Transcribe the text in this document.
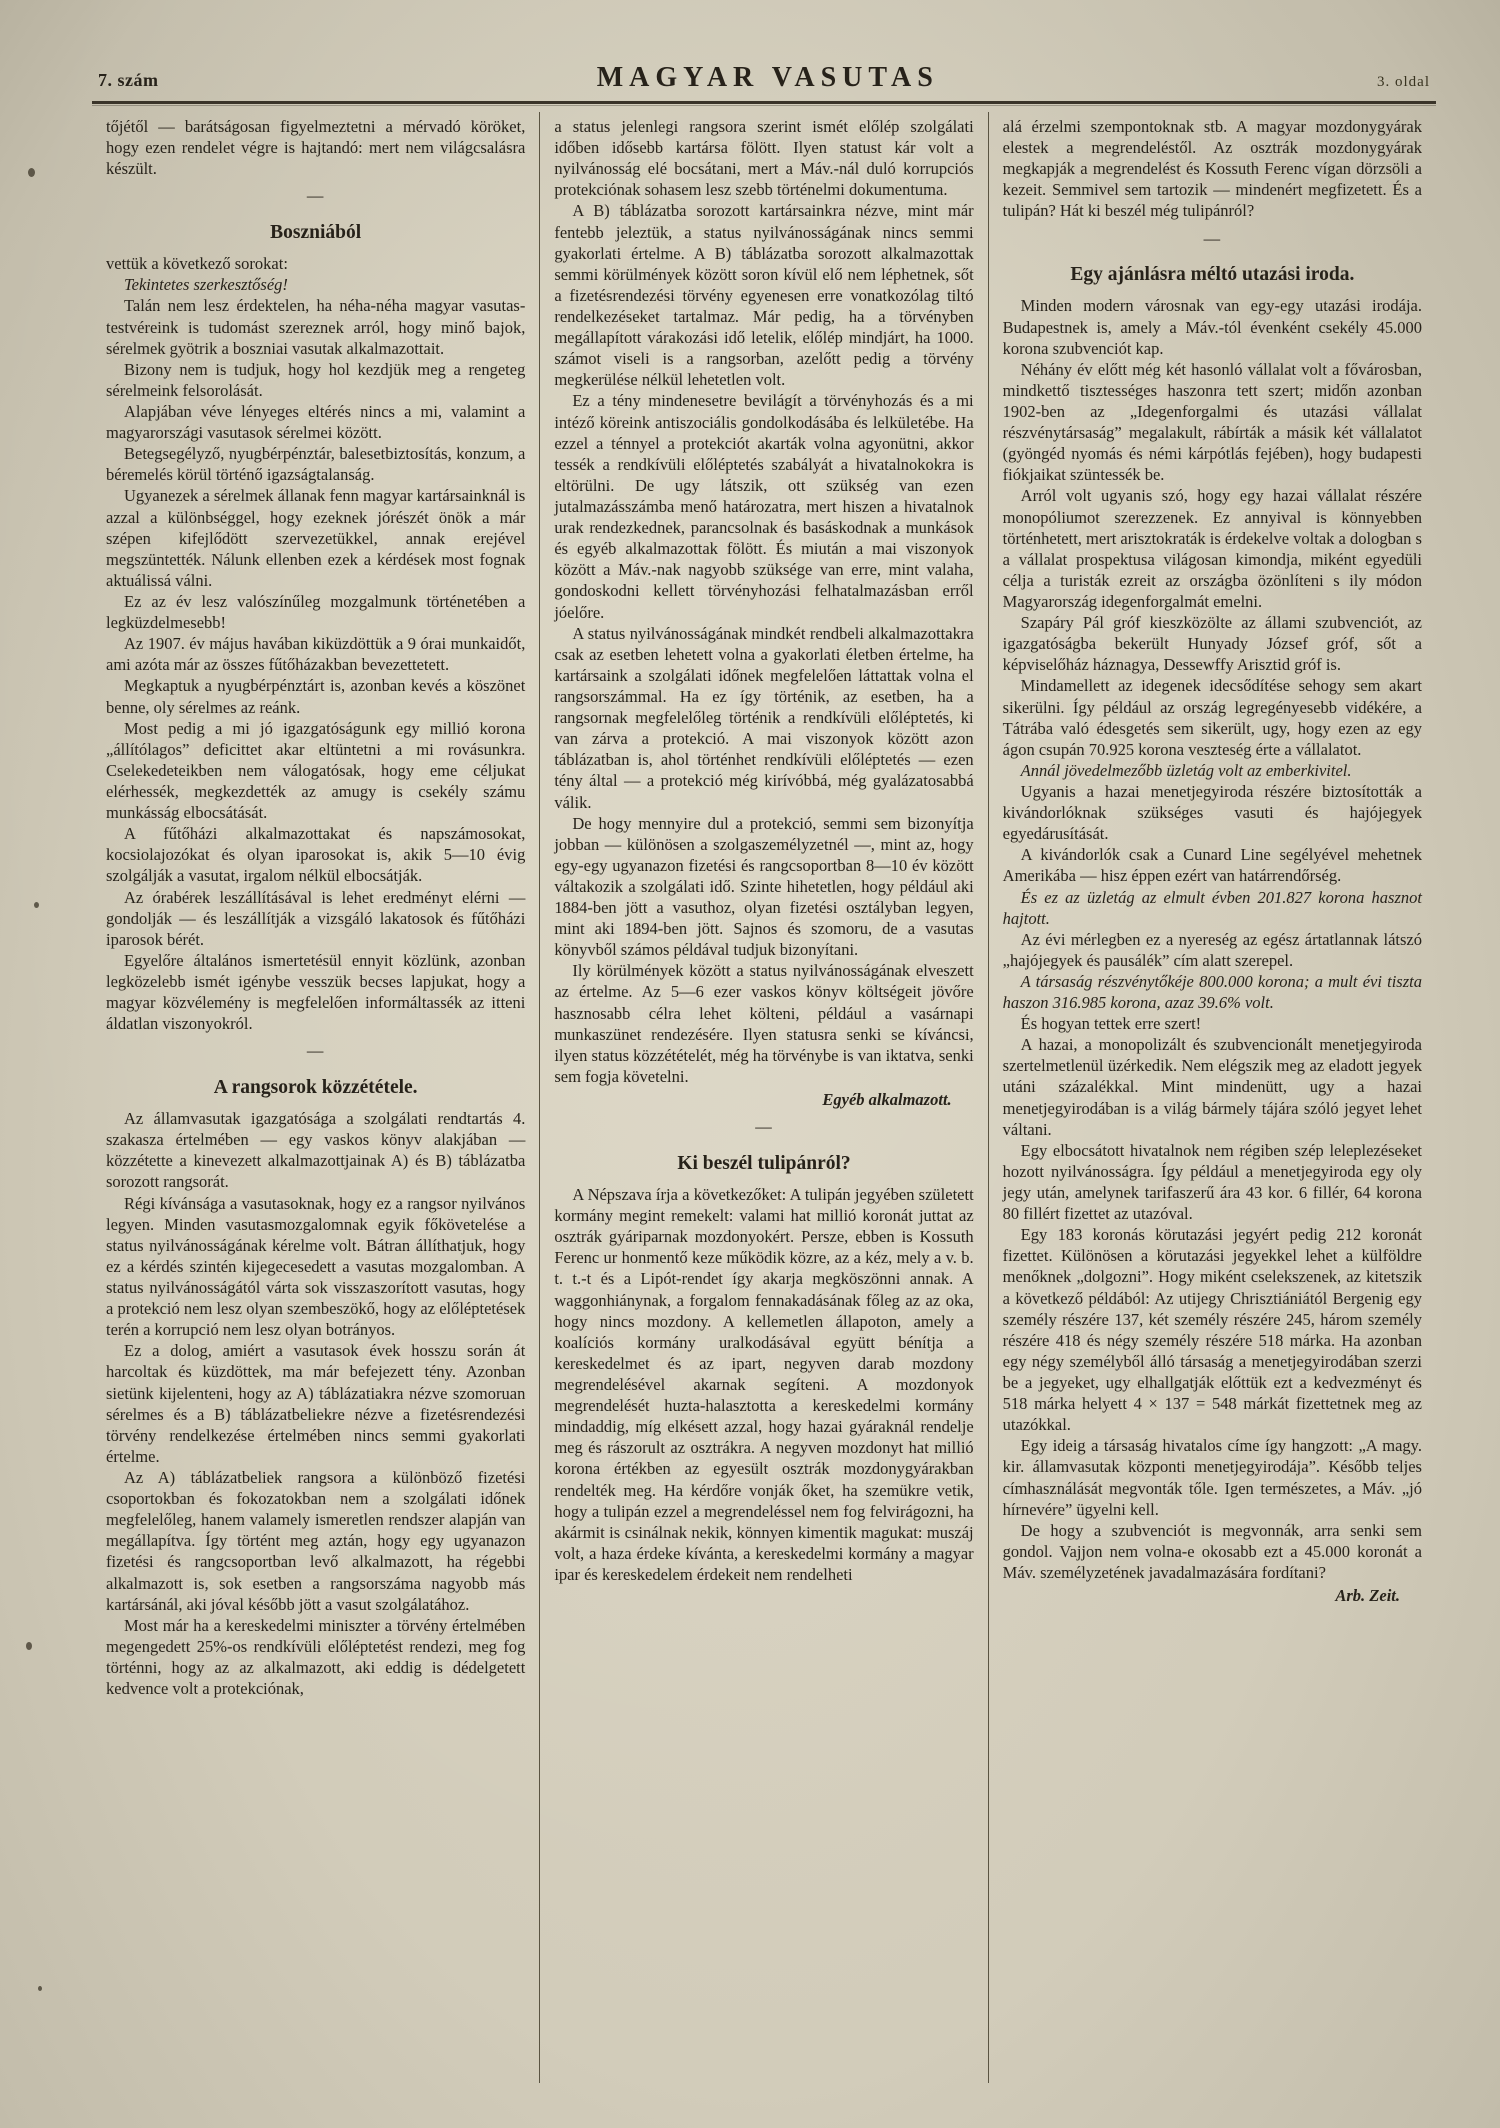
7. szám	MAGYAR VASUTAS	3. oldal
tőjétől — barátságosan figyelmeztetni a mérvadó köröket, hogy ezen rendelet végre is hajtandó: mert nem világcsalásra készült.
—
Boszniából
vettük a következő sorokat:
Tekintetes szerkesztőség!
Talán nem lesz érdektelen, ha néha-néha magyar vasutas-testvéreink is tudomást szereznek arról, hogy minő bajok, sérelmek gyötrik a boszniai vasutak alkalmazottait.
Bizony nem is tudjuk, hogy hol kezdjük meg a rengeteg sérelmeink felsorolását.
Alapjában véve lényeges eltérés nincs a mi, valamint a magyarországi vasutasok sérelmei között.
Betegsegélyző, nyugbérpénztár, balesetbiztosítás, konzum, a béremelés körül történő igazságtalanság.
Ugyanezek a sérelmek állanak fenn magyar kartársainknál is azzal a különbséggel, hogy ezeknek jórészét önök a már szépen kifejlődött szervezetükkel, annak erejével megszüntették. Nálunk ellenben ezek a kérdések most fognak aktuálissá válni.
Ez az év lesz valószínűleg mozgalmunk történetében a legküzdelmesebb!
Az 1907. év május havában kiküzdöttük a 9 órai munkaidőt, ami azóta már az összes fűtőházakban bevezettetett.
Megkaptuk a nyugbérpénztárt is, azonban kevés a köszönet benne, oly sérelmes az reánk.
Most pedig a mi jó igazgatóságunk egy millió korona „állítólagos” deficittet akar eltüntetni a mi rovásunkra. Cselekedeteikben nem válogatósak, hogy eme céljukat elérhessék, megkezdették az amugy is csekély számu munkásság elbocsátását.
A fűtőházi alkalmazottakat és napszámosokat, kocsiolajozókat és olyan iparosokat is, akik 5—10 évig szolgálják a vasutat, irgalom nélkül elbocsátják.
Az órabérek leszállításával is lehet eredményt elérni — gondolják — és leszállítják a vizsgáló lakatosok és fűtőházi iparosok bérét.
Egyelőre általános ismertetésül ennyit közlünk, azonban legközelebb ismét igénybe vesszük becses lapjukat, hogy a magyar közvélemény is megfelelően informáltassék az itteni áldatlan viszonyokról.
—
A rangsorok közzététele.
Az államvasutak igazgatósága a szolgálati rendtartás 4. szakasza értelmében — egy vaskos könyv alakjában — közzétette a kinevezett alkalmazottjainak A) és B) táblázatba sorozott rangsorát.
Régi kívánsága a vasutasoknak, hogy ez a rangsor nyilvános legyen. Minden vasutasmozgalomnak egyik főkövetelése a status nyilvánosságának kérelme volt. Bátran állíthatjuk, hogy ez a kérdés szintén kijegecesedett a vasutas mozgalomban. A status nyilvánosságától várta sok visszaszorított vasutas, hogy a protekció nem lesz olyan szembeszökő, hogy az előléptetések terén a korrupció nem lesz olyan botrányos.
Ez a dolog, amiért a vasutasok évek hosszu során át harcoltak és küzdöttek, ma már befejezett tény. Azonban sietünk kijelenteni, hogy az A) táblázatiakra nézve szomoruan sérelmes és a B) táblázatbeliekre nézve a fizetésrendezési törvény rendelkezése értelmében nincs semmi gyakorlati értelme.
Az A) táblázatbeliek rangsora a különböző fizetési csoportokban és fokozatokban nem a szolgálati időnek megfelelőleg, hanem valamely ismeretlen rendszer alapján van megállapítva. Így történt meg aztán, hogy egy ugyanazon fizetési és rangcsoportban levő alkalmazott, ha régebbi alkalmazott is, sok esetben a rangsorszáma nagyobb más kartársánál, aki jóval később jött a vasut szolgálatához.
Most már ha a kereskedelmi miniszter a törvény értelmében megengedett 25%-os rendkívüli előléptetést rendezi, meg fog történni, hogy az az alkalmazott, aki eddig is dédelgetett kedvence volt a protekciónak,
a status jelenlegi rangsora szerint ismét előlép szolgálati időben idősebb kartársa fölött. Ilyen statust kár volt a nyilvánosság elé bocsátani, mert a Máv.-nál duló korrupciós protekciónak sohasem lesz szebb történelmi dokumentuma.
A B) táblázatba sorozott kartársainkra nézve, mint már fentebb jeleztük, a status nyilvánosságának nincs semmi gyakorlati értelme. A B) táblázatba sorozott alkalmazottak semmi körülmények között soron kívül elő nem léphetnek, sőt a fizetésrendezési törvény egyenesen erre vonatkozólag tiltó rendelkezéseket tartalmaz. Már pedig, ha a törvényben megállapított várakozási idő letelik, előlép mindjárt, ha 1000. számot viseli is a rangsorban, azelőtt pedig a törvény megkerülése nélkül lehetetlen volt.
Ez a tény mindenesetre bevilágít a törvényhozás és a mi intéző köreink antiszociális gondolkodásába és lelkületébe. Ha ezzel a ténnyel a protekciót akarták volna agyonütni, akkor tessék a rendkívüli előléptetés szabályát a hivatalnokokra is eltörülni. De ugy látszik, ott szükség van ezen jutalmazásszámba menő határozatra, mert hiszen a hivatalnok urak rendezkednek, parancsolnak és basáskodnak a munkások és egyéb alkalmazottak fölött. És miután a mai viszonyok között a Máv.-nak nagyobb szüksége van erre, mint valaha, gondoskodni kellett törvényhozási felhatalmazásban erről jóelőre.
A status nyilvánosságának mindkét rendbeli alkalmazottakra csak az esetben lehetett volna a gyakorlati életben értelme, ha kartársaink a szolgálati időnek megfelelően láttattak volna el rangsorszámmal. Ha ez így történik, az esetben, ha a rangsornak megfelelőleg történik a rendkívüli előléptetés, ki van zárva a protekció. A mai viszonyok között azon táblázatban is, ahol történhet rendkívüli előléptetés — ezen tény által — a protekció még kirívóbbá, még gyalázatosabbá válik.
De hogy mennyire dul a protekció, semmi sem bizonyítja jobban — különösen a szolgaszemélyzetnél —, mint az, hogy egy-egy ugyanazon fizetési és rangcsoportban 8—10 év között váltakozik a szolgálati idő. Szinte hihetetlen, hogy például aki 1884-ben jött a vasuthoz, olyan fizetési osztályban legyen, mint aki 1894-ben jött. Sajnos és szomoru, de a vasutas könyvből számos példával tudjuk bizonyítani.
Ily körülmények között a status nyilvánosságának elveszett az értelme. Az 5—6 ezer vaskos könyv költségeit jövőre hasznosabb célra lehet költeni, például a vasárnapi munkaszünet rendezésére. Ilyen statusra senki se kíváncsi, ilyen status közzétételét, még ha törvénybe is van iktatva, senki sem fogja követelni.
Egyéb alkalmazott.
—
Ki beszél tulipánról?
A Népszava írja a következőket: A tulipán jegyében született kormány megint remekelt: valami hat millió koronát juttat az osztrák gyáriparnak mozdonyokért. Persze, ebben is Kossuth Ferenc ur honmentő keze működik közre, az a kéz, mely a v. b. t. t.-t és a Lipót-rendet így akarja megköszönni annak. A waggonhiánynak, a forgalom fennakadásának főleg az az oka, hogy nincs mozdony. A kellemetlen állapoton, amely a koalíciós kormány uralkodásával együtt bénítja a kereskedelmet és az ipart, negyven darab mozdony megrendelésével akarnak segíteni. A mozdonyok megrendelését huzta-halasztotta a kereskedelmi kormány mindaddig, míg elkésett azzal, hogy hazai gyáraknál rendelje meg és rászorult az osztrákra. A negyven mozdonyt hat millió korona értékben az egyesült osztrák mozdonygyárakban rendelték meg. Ha kérdőre vonják őket, ha szemükre vetik, hogy a tulipán ezzel a megrendeléssel nem fog felvirágozni, ha akármit is csinálnak nekik, könnyen kimentik magukat: muszáj volt, a haza érdeke kívánta, a kereskedelmi kormány a magyar ipar és kereskedelem érdekeit nem rendelheti
alá érzelmi szempontoknak stb. A magyar mozdonygyárak elestek a megrendeléstől. Az osztrák mozdonygyárak megkapják a megrendelést és Kossuth Ferenc vígan dörzsöli a kezeit. Semmivel sem tartozik — mindenért megfizetett. És a tulipán? Hát ki beszél még tulipánról?
—
Egy ajánlásra méltó utazási iroda.
Minden modern városnak van egy-egy utazási irodája. Budapestnek is, amely a Máv.-tól évenként csekély 45.000 korona szubvenciót kap.
Néhány év előtt még két hasonló vállalat volt a fővárosban, mindkettő tisztességes haszonra tett szert; midőn azonban 1902-ben az „Idegenforgalmi és utazási vállalat részvénytársaság” megalakult, rábírták a másik két vállalatot (gyöngéd nyomás és némi kárpótlás fejében), hogy budapesti fiókjaikat szüntessék be.
Arról volt ugyanis szó, hogy egy hazai vállalat részére monopóliumot szerezzenek. Ez annyival is könnyebben történhetett, mert arisztokraták is érdekelve voltak a dologban s a vállalat prospektusa világosan kimondja, miként egyedüli célja a turisták ezreit az országba özönlíteni s ily módon Magyarország idegenforgalmát emelni.
Szapáry Pál gróf kieszközölte az állami szubvenciót, az igazgatóságba bekerült Hunyady József gróf, sőt a képviselőház háznagya, Dessewffy Arisztid gróf is.
Mindamellett az idegenek idecsődítése sehogy sem akart sikerülni. Így például az ország legregényesebb vidékére, a Tátrába való édesgetés sem sikerült, ugy, hogy ezen az egy ágon csupán 70.925 korona veszteség érte a vállalatot.
Annál jövedelmezőbb üzletág volt az emberkivitel.
Ugyanis a hazai menetjegyiroda részére biztosították a kivándorlóknak szükséges vasuti és hajójegyek egyedárusítását.
A kivándorlók csak a Cunard Line segélyével mehetnek Amerikába — hisz éppen ezért van határrendőrség.
És ez az üzletág az elmult évben 201.827 korona hasznot hajtott.
Az évi mérlegben ez a nyereség az egész ártatlannak látszó „hajójegyek és pausálék” cím alatt szerepel.
A társaság részvénytőkéje 800.000 korona; a mult évi tiszta haszon 316.985 korona, azaz 39.6% volt.
És hogyan tettek erre szert!
A hazai, a monopolizált és szubvencionált menetjegyiroda szertelmetlenül üzérkedik. Nem elégszik meg az eladott jegyek utáni százalékkal. Mint mindenütt, ugy a hazai menetjegyirodában is a világ bármely tájára szóló jegyet lehet váltani.
Egy elbocsátott hivatalnok nem régiben szép leleplezéseket hozott nyilvánosságra. Így például a menetjegyiroda egy oly jegy után, amelynek tarifaszerű ára 43 kor. 6 fillér, 64 korona 80 fillért fizettet az utazóval.
Egy 183 koronás körutazási jegyért pedig 212 koronát fizettet. Különösen a körutazási jegyekkel lehet a külföldre menőknek „dolgozni”. Hogy miként cselekszenek, az kitetszik a következő példából: Az utijegy Chrisztiániától Bergenig egy személy részére 137, két személy részére 245, három személy részére 418 és négy személy részére 518 márka. Ha azonban egy négy személyből álló társaság a menetjegyirodában szerzi be a jegyeket, ugy elhallgatják előttük ezt a kedvezményt és 518 márka helyett 4 × 137 = 548 márkát fizettetnek meg az utazókkal.
Egy ideig a társaság hivatalos címe így hangzott: „A magy. kir. államvasutak központi menetjegyirodája”. Később teljes címhasználását megvonták tőle. Igen természetes, a Máv. „jó hírnevére” ügyelni kell.
De hogy a szubvenciót is megvonnák, arra senki sem gondol. Vajjon nem volna-e okosabb ezt a 45.000 koronát a Máv. személyzetének javadalmazására fordítani?
Arb. Zeit.
